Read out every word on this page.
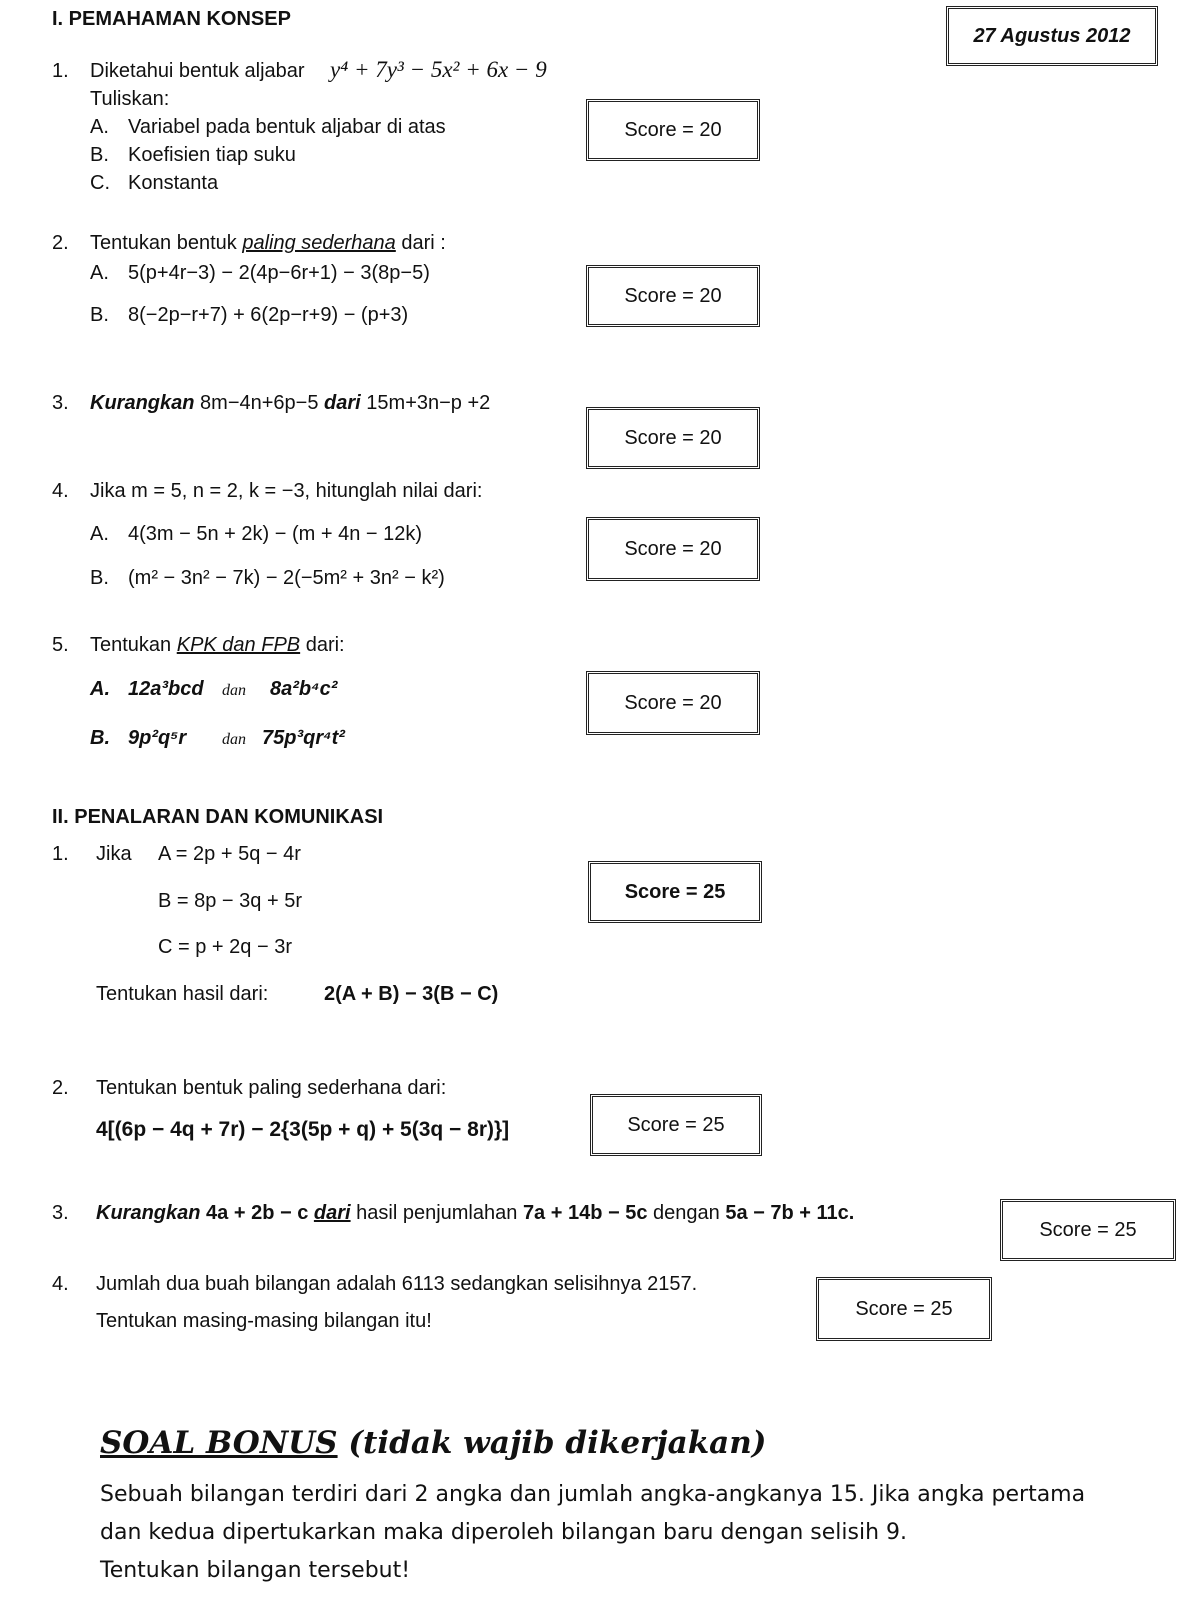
27 Agustus 2012
I. PEMAHAMAN KONSEP
1. Diketahui bentuk aljabar y⁴ + 7y³ − 5x² + 6x − 9
Tuliskan:
A. Variabel pada bentuk aljabar di atas
B. Koefisien tiap suku
C. Konstanta
Score = 20
2. Tentukan bentuk paling sederhana dari :
A. 5(p+4r−3) − 2(4p−6r+1) − 3(8p−5)
B. 8(−2p−r+7) + 6(2p−r+9) − (p+3)
Score = 20
3. Kurangkan 8m−4n+6p−5 dari 15m+3n−p +2
Score = 20
4. Jika m = 5, n = 2, k = −3, hitunglah nilai dari:
A. 4(3m − 5n + 2k) − (m + 4n − 12k)
B. (m² − 3n² − 7k) − 2(−5m² + 3n² − k²)
Score = 20
5. Tentukan KPK dan FPB dari:
A. 12a³bcd dan 8a²b⁴c²
B. 9p²q⁵r dan 75p³qr⁴t²
Score = 20
II. PENALARAN DAN KOMUNIKASI
1. Jika A = 2p + 5q − 4r
B = 8p − 3q + 5r
C = p + 2q − 3r
Tentukan hasil dari:	2(A + B) − 3(B − C)
Score = 25
2. Tentukan bentuk paling sederhana dari:
4[(6p − 4q + 7r) − 2{3(5p + q) + 5(3q − 8r)}]	Score = 25
3. Kurangkan 4a + 2b − c dari hasil penjumlahan 7a + 14b − 5c dengan 5a − 7b + 11c.
Score = 25
4. Jumlah dua buah bilangan adalah 6113 sedangkan selisihnya 2157.
Tentukan masing-masing bilangan itu!
Score = 25
SOAL BONUS (tidak wajib dikerjakan)
Sebuah bilangan terdiri dari 2 angka dan jumlah angka-angkanya 15. Jika angka pertama
dan kedua dipertukarkan maka diperoleh bilangan baru dengan selisih 9.
Tentukan bilangan tersebut!
